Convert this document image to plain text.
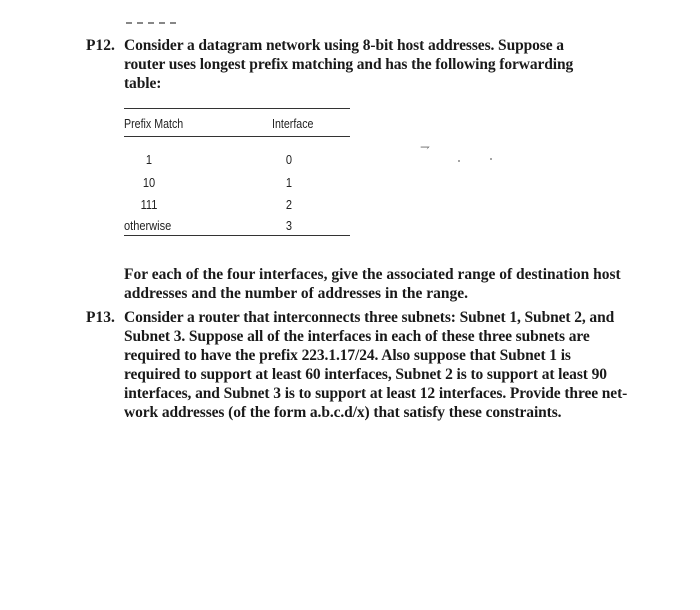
⇁
P12. Consider a datagram network using 8-bit host addresses. Suppose a

router uses longest prefix matching and has the following forwarding

table:

Prefix Match	Interface
1	0
10	1
111	2
otherwise	3

For each of the four interfaces, give the associated range of destination host

addresses and the number of addresses in the range.

P13. Consider a router that interconnects three subnets: Subnet 1, Subnet 2, and

Subnet 3. Suppose all of the interfaces in each of these three subnets are

required to have the prefix 223.1.17/24. Also suppose that Subnet 1 is

required to support at least 60 interfaces, Subnet 2 is to support at least 90

interfaces, and Subnet 3 is to support at least 12 interfaces. Provide three net-

work addresses (of the form a.b.c.d/x) that satisfy these constraints.
